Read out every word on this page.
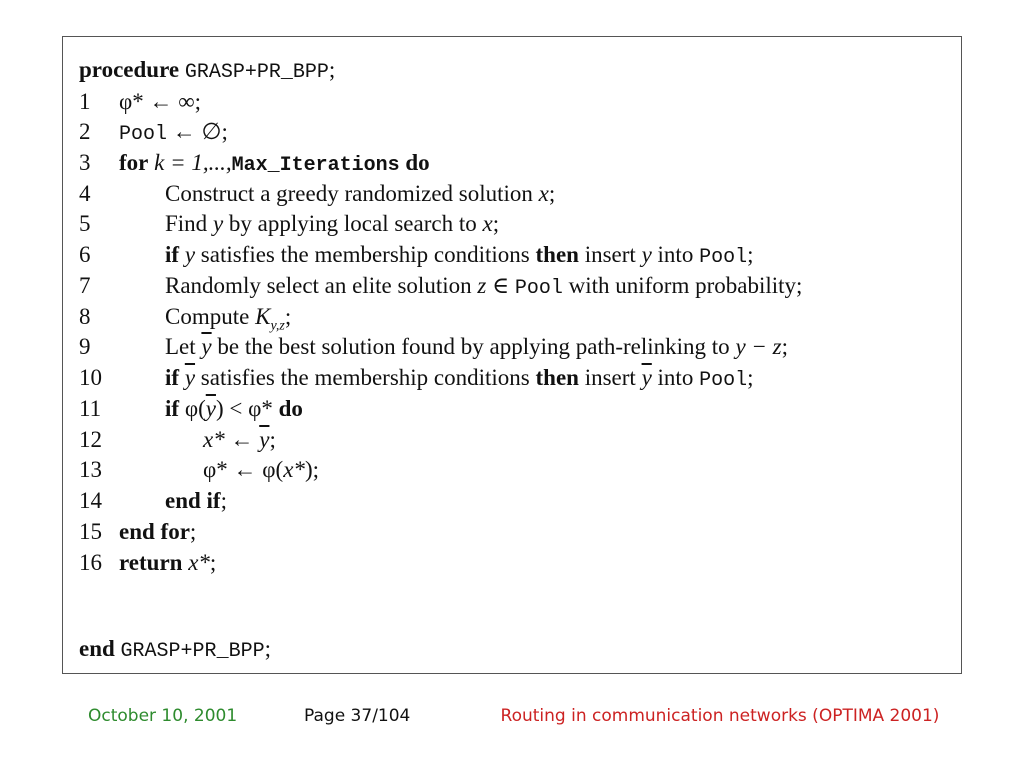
procedure GRASP+PR_BPP;
1 φ* ← ∞;
2 Pool ← ∅;
3 for k = 1,...,Max_Iterations do
4	Construct a greedy randomized solution x;
5	Find y by applying local search to x;
6	if y satisfies the membership conditions then insert y into Pool;
7	Randomly select an elite solution z ∈ Pool with uniform probability;
8	Compute $K_{y,z}$;
9	Let $\overline{y}$ be the best solution found by applying path-relinking to y − z;
10	if $\overline{y}$ satisfies the membership conditions then insert $\overline{y}$ into Pool;
11	if $\varphi(\overline{y}) < \varphi*$ do
12	x* ← $\overline{y}$;
13	φ* ← φ(x*);
14	end if;
15 end for;
16 return x*;
end GRASP+PR_BPP;
October 10, 2001	Page 37/104	Routing in communication networks (OPTIMA 2001)
